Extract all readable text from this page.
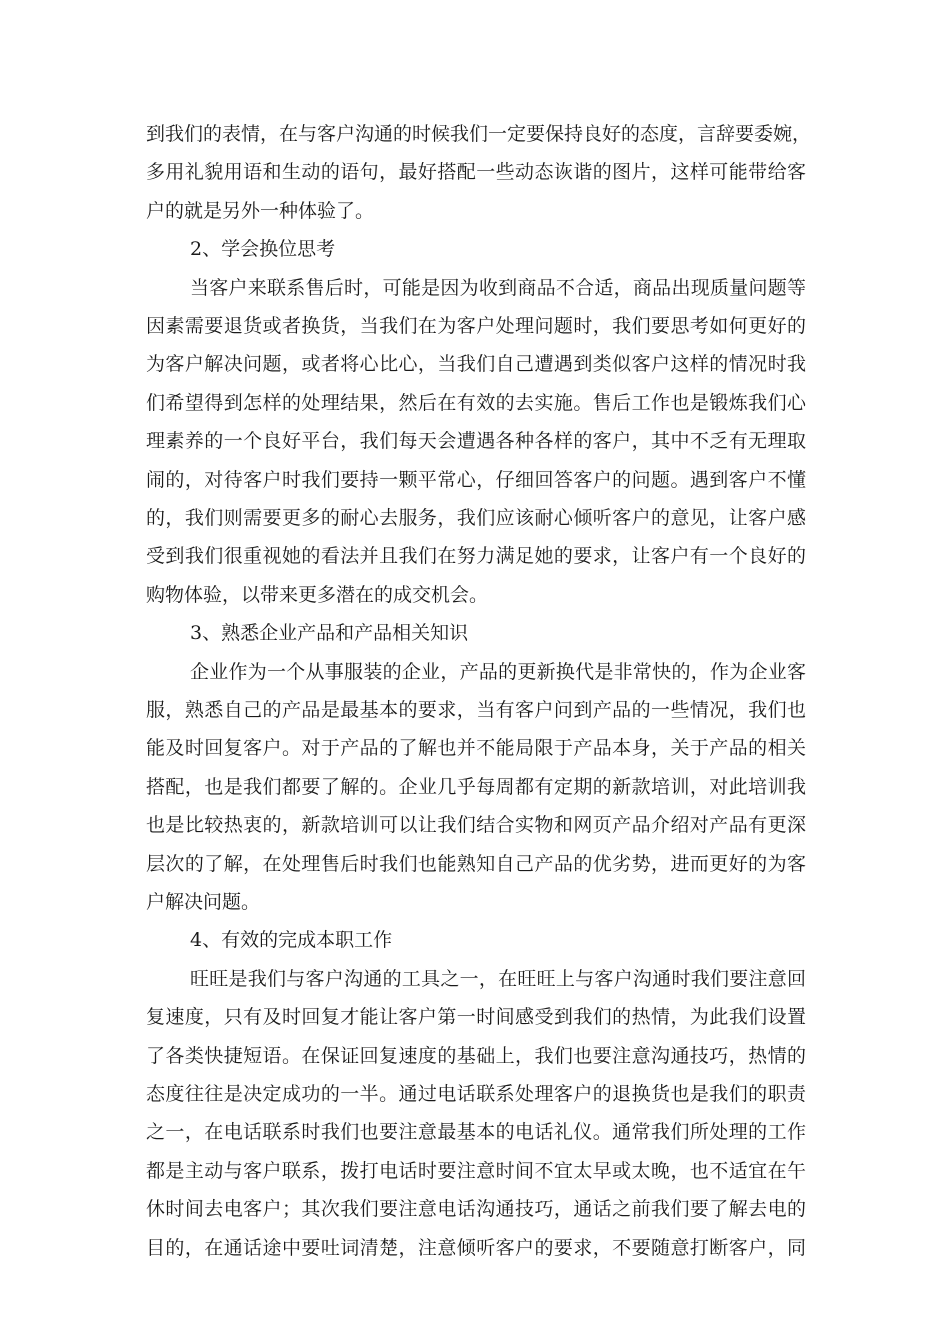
到我们的表情，在与客户沟通的时候我们一定要保持良好的态度，言辞要委婉，
多用礼貌用语和生动的语句，最好搭配一些动态诙谐的图片，这样可能带给客
户的就是另外一种体验了。
2、学会换位思考
当客户来联系售后时，可能是因为收到商品不合适，商品出现质量问题等
因素需要退货或者换货，当我们在为客户处理问题时，我们要思考如何更好的
为客户解决问题，或者将心比心，当我们自己遭遇到类似客户这样的情况时我
们希望得到怎样的处理结果，然后在有效的去实施。售后工作也是锻炼我们心
理素养的一个良好平台，我们每天会遭遇各种各样的客户，其中不乏有无理取
闹的，对待客户时我们要持一颗平常心，仔细回答客户的问题。遇到客户不懂
的，我们则需要更多的耐心去服务，我们应该耐心倾听客户的意见，让客户感
受到我们很重视她的看法并且我们在努力满足她的要求，让客户有一个良好的
购物体验，以带来更多潜在的成交机会。
3、熟悉企业产品和产品相关知识
企业作为一个从事服装的企业，产品的更新换代是非常快的，作为企业客
服，熟悉自己的产品是最基本的要求，当有客户问到产品的一些情况，我们也
能及时回复客户。对于产品的了解也并不能局限于产品本身，关于产品的相关
搭配，也是我们都要了解的。企业几乎每周都有定期的新款培训，对此培训我
也是比较热衷的，新款培训可以让我们结合实物和网页产品介绍对产品有更深
层次的了解，在处理售后时我们也能熟知自己产品的优劣势，进而更好的为客
户解决问题。
4、有效的完成本职工作
旺旺是我们与客户沟通的工具之一，在旺旺上与客户沟通时我们要注意回
复速度，只有及时回复才能让客户第一时间感受到我们的热情，为此我们设置
了各类快捷短语。在保证回复速度的基础上，我们也要注意沟通技巧，热情的
态度往往是决定成功的一半。通过电话联系处理客户的退换货也是我们的职责
之一，在电话联系时我们也要注意最基本的电话礼仪。通常我们所处理的工作
都是主动与客户联系，拨打电话时要注意时间不宜太早或太晚，也不适宜在午
休时间去电客户；其次我们要注意电话沟通技巧，通话之前我们要了解去电的
目的，在通话途中要吐词清楚，注意倾听客户的要求，不要随意打断客户，同
